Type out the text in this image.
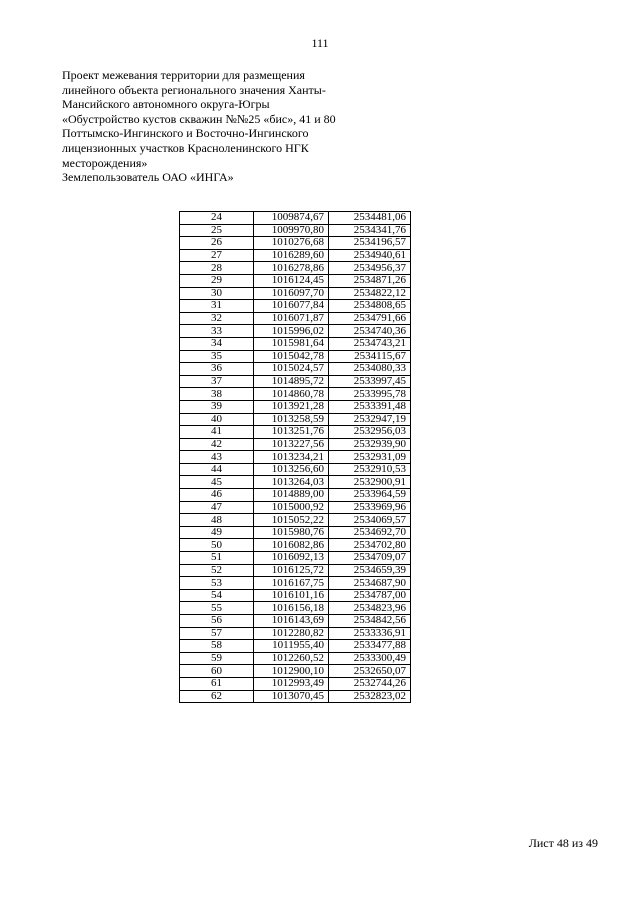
111
Проект межевания территории для размещения
линейного объекта регионального значения Ханты-
Мансийского автономного округа-Югры
«Обустройство кустов скважин №№25 «бис», 41 и 80
Поттымско-Ингинского и Восточно-Ингинского
лицензионных участков Красноленинского НГК
месторождения»
Землепользователь ОАО «ИНГА»
24	1009874,67	2534481,06
25	1009970,80	2534341,76
26	1010276,68	2534196,57
27	1016289,60	2534940,61
28	1016278,86	2534956,37
29	1016124,45	2534871,26
30	1016097,70	2534822,12
31	1016077,84	2534808,65
32	1016071,87	2534791,66
33	1015996,02	2534740,36
34	1015981,64	2534743,21
35	1015042,78	2534115,67
36	1015024,57	2534080,33
37	1014895,72	2533997,45
38	1014860,78	2533995,78
39	1013921,28	2533391,48
40	1013258,59	2532947,19
41	1013251,76	2532956,03
42	1013227,56	2532939,90
43	1013234,21	2532931,09
44	1013256,60	2532910,53
45	1013264,03	2532900,91
46	1014889,00	2533964,59
47	1015000,92	2533969,96
48	1015052,22	2534069,57
49	1015980,76	2534692,70
50	1016082,86	2534702,80
51	1016092,13	2534709,07
52	1016125,72	2534659,39
53	1016167,75	2534687,90
54	1016101,16	2534787,00
55	1016156,18	2534823,96
56	1016143,69	2534842,56
57	1012280,82	2533336,91
58	1011955,40	2533477,88
59	1012260,52	2533300,49
60	1012900,10	2532650,07
61	1012993,49	2532744,26
62	1013070,45	2532823,02
Лист 48 из 49
